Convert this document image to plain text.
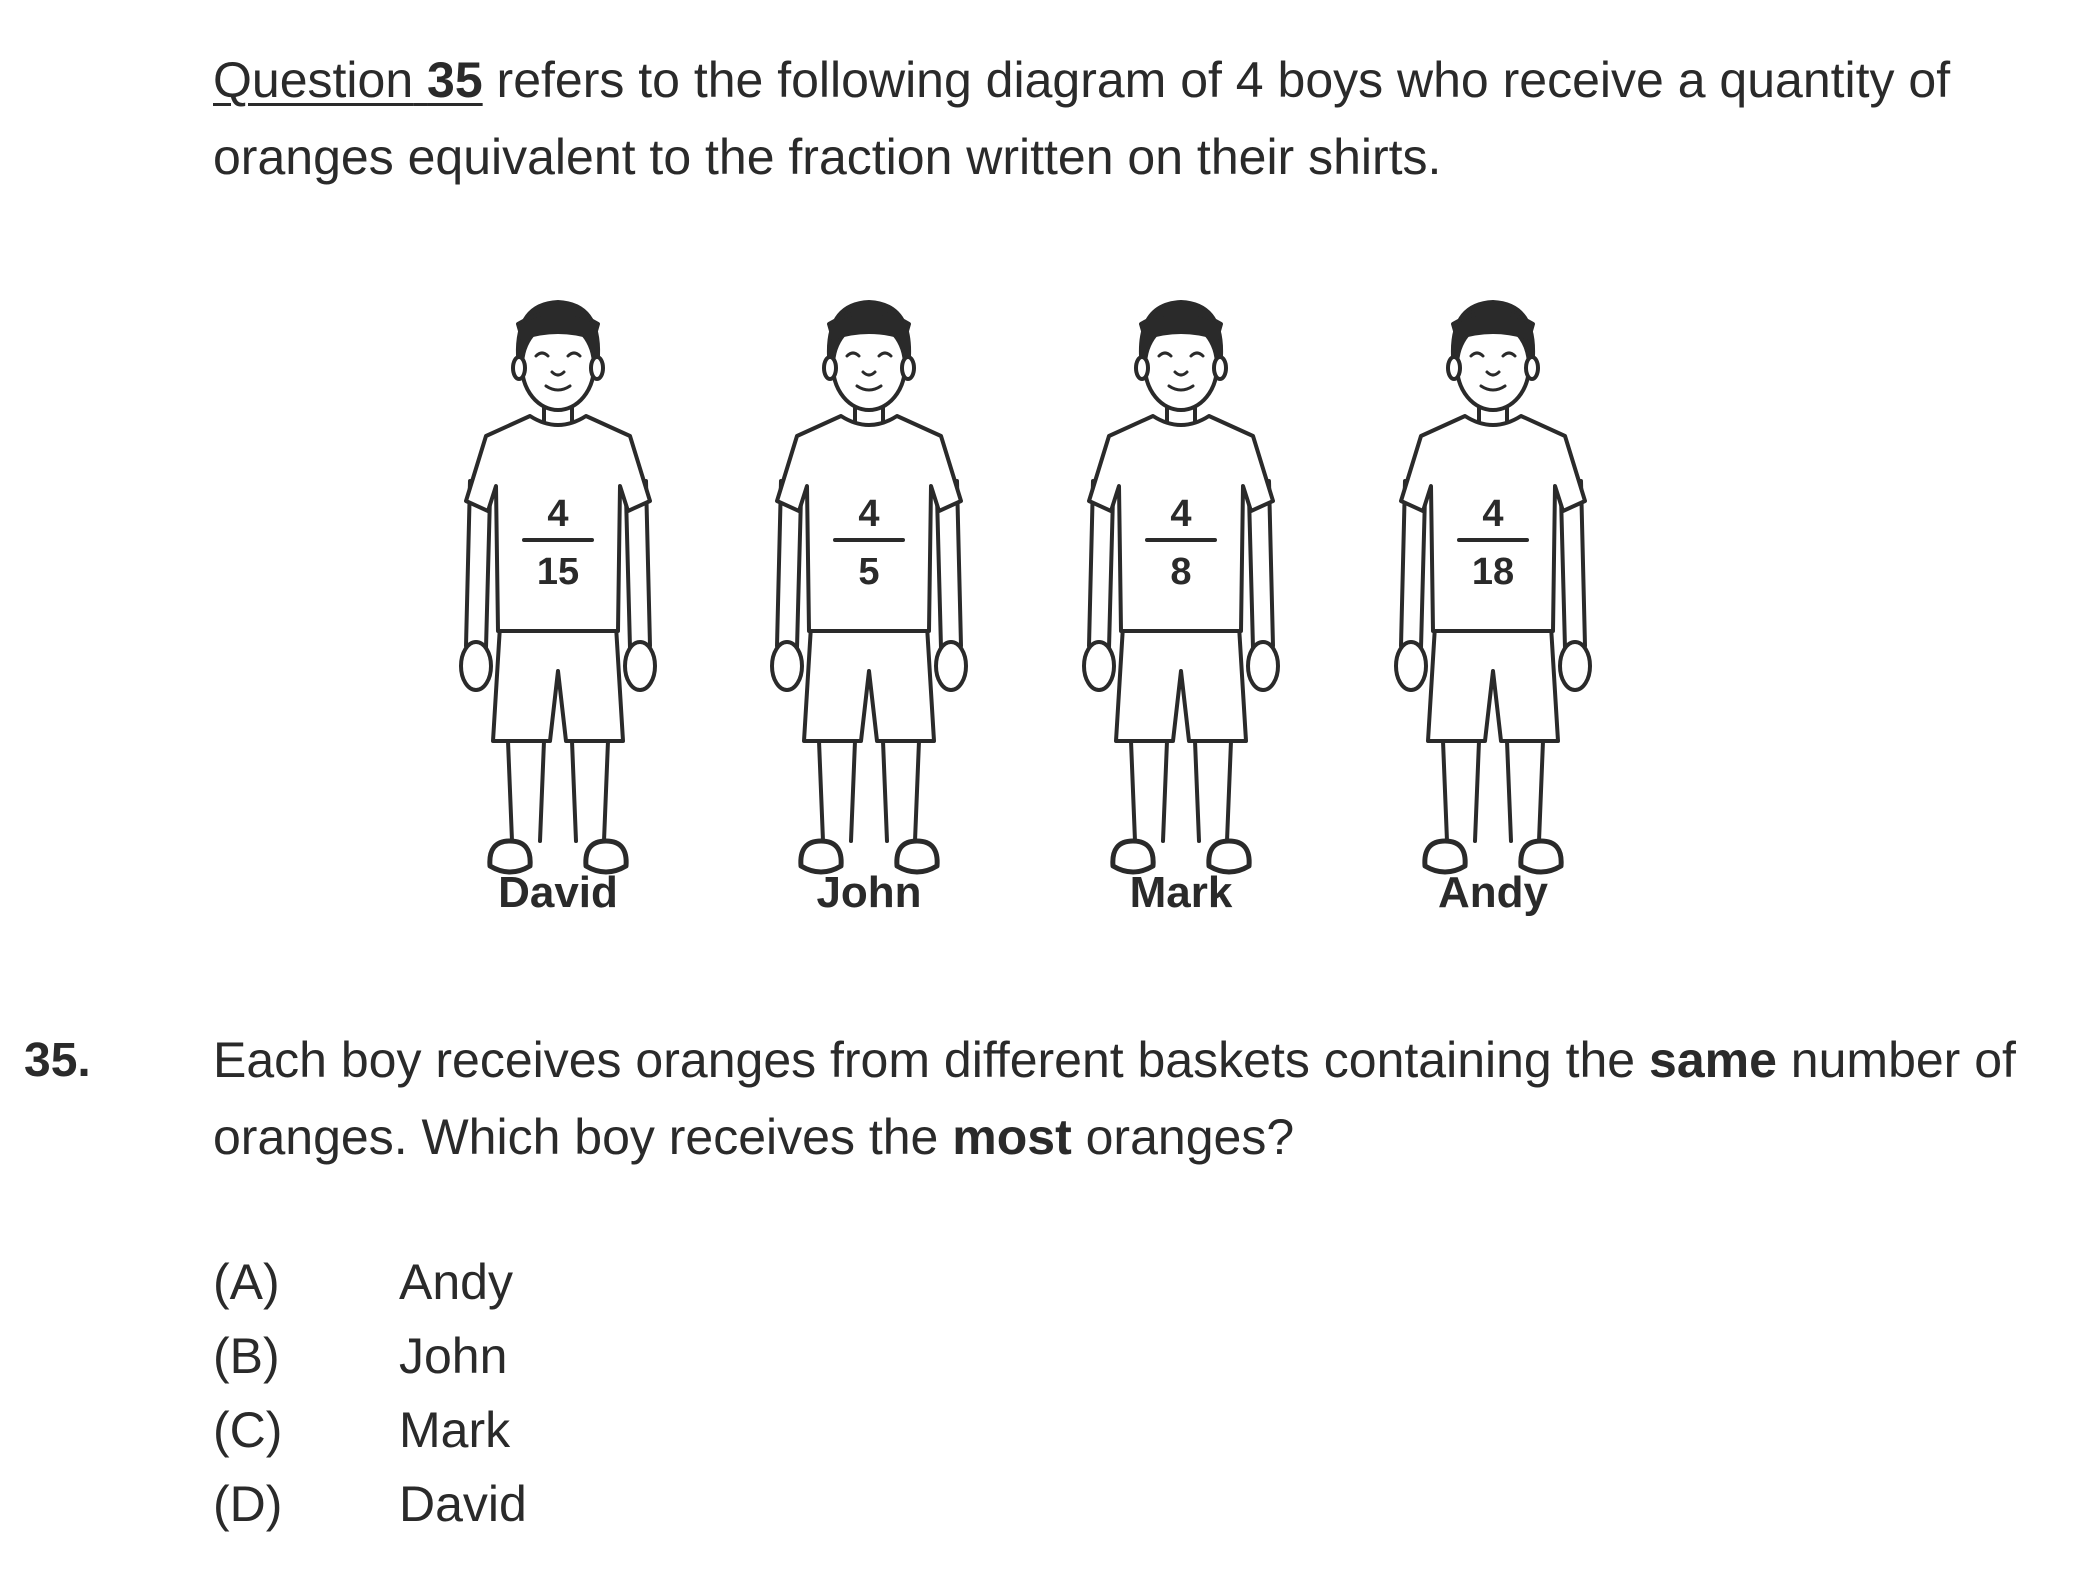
Question 35 refers to the following diagram of 4 boys who receive a quantity of oranges equivalent to the fraction written on their shirts.

4
15
4
5
4
8
4
18
David	John	Mark	Andy
35. Each boy receives oranges from different baskets containing the same number of oranges. Which boy receives the most oranges?

(A)	Andy
(B)	John
(C)	Mark
(D)	David
